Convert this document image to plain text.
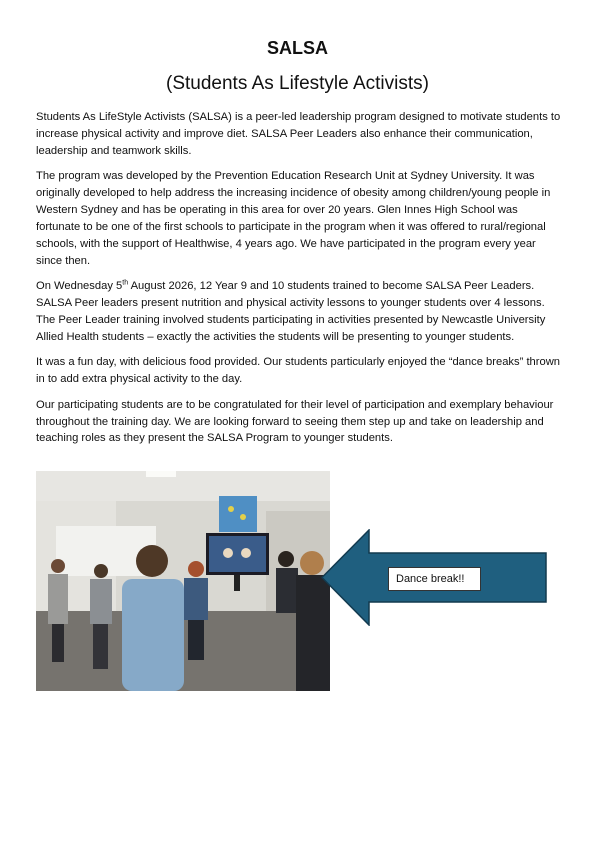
SALSA
(Students As Lifestyle Activists)

Students As LifeStyle Activists (SALSA) is a peer-led leadership program designed to motivate students to increase physical activity and improve diet. SALSA Peer Leaders also enhance their communication, leadership and teamwork skills.

The program was developed by the Prevention Education Research Unit at Sydney University. It was originally developed to help address the increasing incidence of obesity among children/young people in Western Sydney and has be operating in this area for over 20 years. Glen Innes High School was fortunate to be one of the first schools to participate in the program when it was offered to rural/regional schools, with the support of Healthwise, 4 years ago. We have participated in the program every year since then.

On Wednesday 5th August 2026, 12 Year 9 and 10 students trained to become SALSA Peer Leaders. SALSA Peer leaders present nutrition and physical activity lessons to younger students over 4 lessons. The Peer Leader training involved students participating in activities presented by Newcastle University Allied Health students – exactly the activities the students will be presenting to younger students.

It was a fun day, with delicious food provided. Our students particularly enjoyed the “dance breaks” thrown in to add extra physical activity to the day.

Our participating students are to be congratulated for their level of participation and exemplary behaviour throughout the training day. We are looking forward to seeing them step up and take on leadership and teaching roles as they present the SALSA Program to younger students.

Dance break!!
